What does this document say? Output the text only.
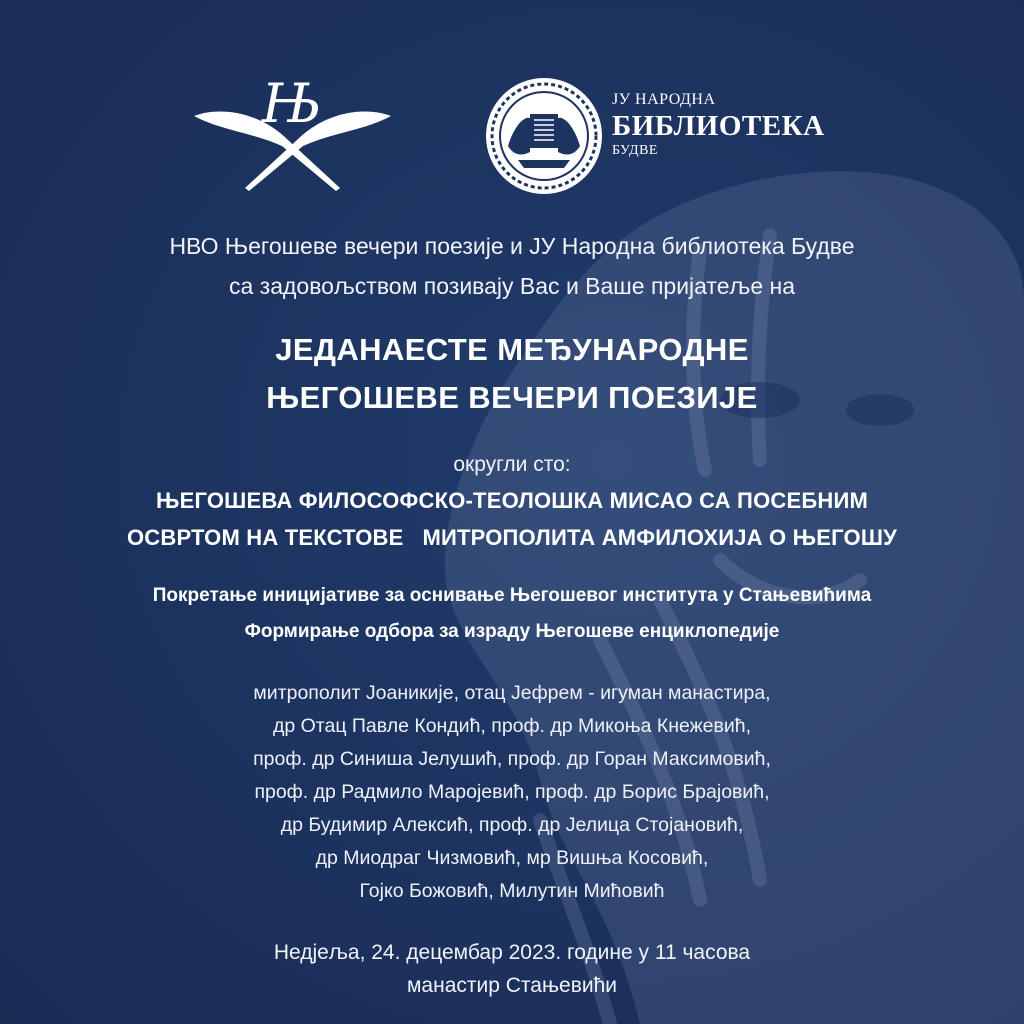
Њ	ЈУ НАРОДНА
БИБЛИОТЕКА
БУДВЕ
НВО Његошеве вечери поезије и ЈУ Народна библиотека Будве
са задовољством позивају Вас и Ваше пријатеље на
ЈЕДАНАЕСТЕ МЕЂУНАРОДНЕ
ЊЕГОШЕВЕ ВЕЧЕРИ ПОЕЗИЈЕ
округли сто:
ЊЕГОШЕВА ФИЛОСОФСКО-ТЕОЛОШКА МИСАО СА ПОСЕБНИМ
ОСВРТОМ НА ТЕКСТОВЕ   МИТРОПОЛИТА АМФИЛОХИЈА О ЊЕГОШУ
Покретање иницијативе за оснивање Његошевог института у Стањевићима
Формирање одбора за израду Његошеве енциклопедије
митрополит Јоаникије, отац Јефрем - игуман манастира,
др Отац Павле Кондић, проф. др Микоња Кнежевић,
проф. др Синиша Јелушић, проф. др Горан Максимовић,
проф. др Радмило Маројевић, проф. др Борис Брајовић,
др Будимир Алексић, проф. др Јелица Стојановић,
др Миодраг Чизмовић, мр Вишња Косовић,
Гојко Божовић, Милутин Мићовић
Недјеља, 24. децембар 2023. године у 11 часова
манастир Стањевићи
